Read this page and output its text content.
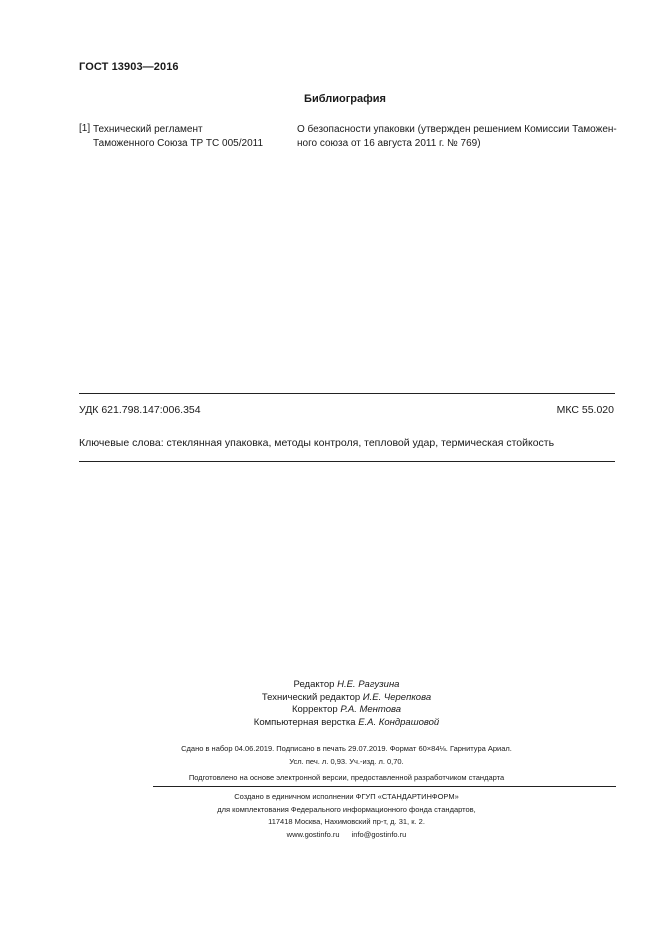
ГОСТ 13903—2016
Библиография
[1] Технический регламент
Таможенного Союза ТР ТС 005/2011
О безопасности упаковки (утвержден решением Комиссии Таможен-
ного союза от 16 августа 2011 г. № 769)
УДК 621.798.147:006.354	МКС 55.020
Ключевые слова: стеклянная упаковка, методы контроля, тепловой удар, термическая стойкость
Редактор Н.Е. Рагузина
Технический редактор И.Е. Черепкова
Корректор Р.А. Ментова
Компьютерная верстка Е.А. Кондрашовой
Сдано в набор 04.06.2019. Подписано в печать 29.07.2019. Формат 60×84⅛. Гарнитура Ариал.
Усл. печ. л. 0,93. Уч.-изд. л. 0,70.
Подготовлено на основе электронной версии, предоставленной разработчиком стандарта
Создано в единичном исполнении ФГУП «СТАНДАРТИНФОРМ»
для комплектования Федерального информационного фонда стандартов,
117418 Москва, Нахимовский пр-т, д. 31, к. 2.
www.gostinfo.ru info@gostinfo.ru
